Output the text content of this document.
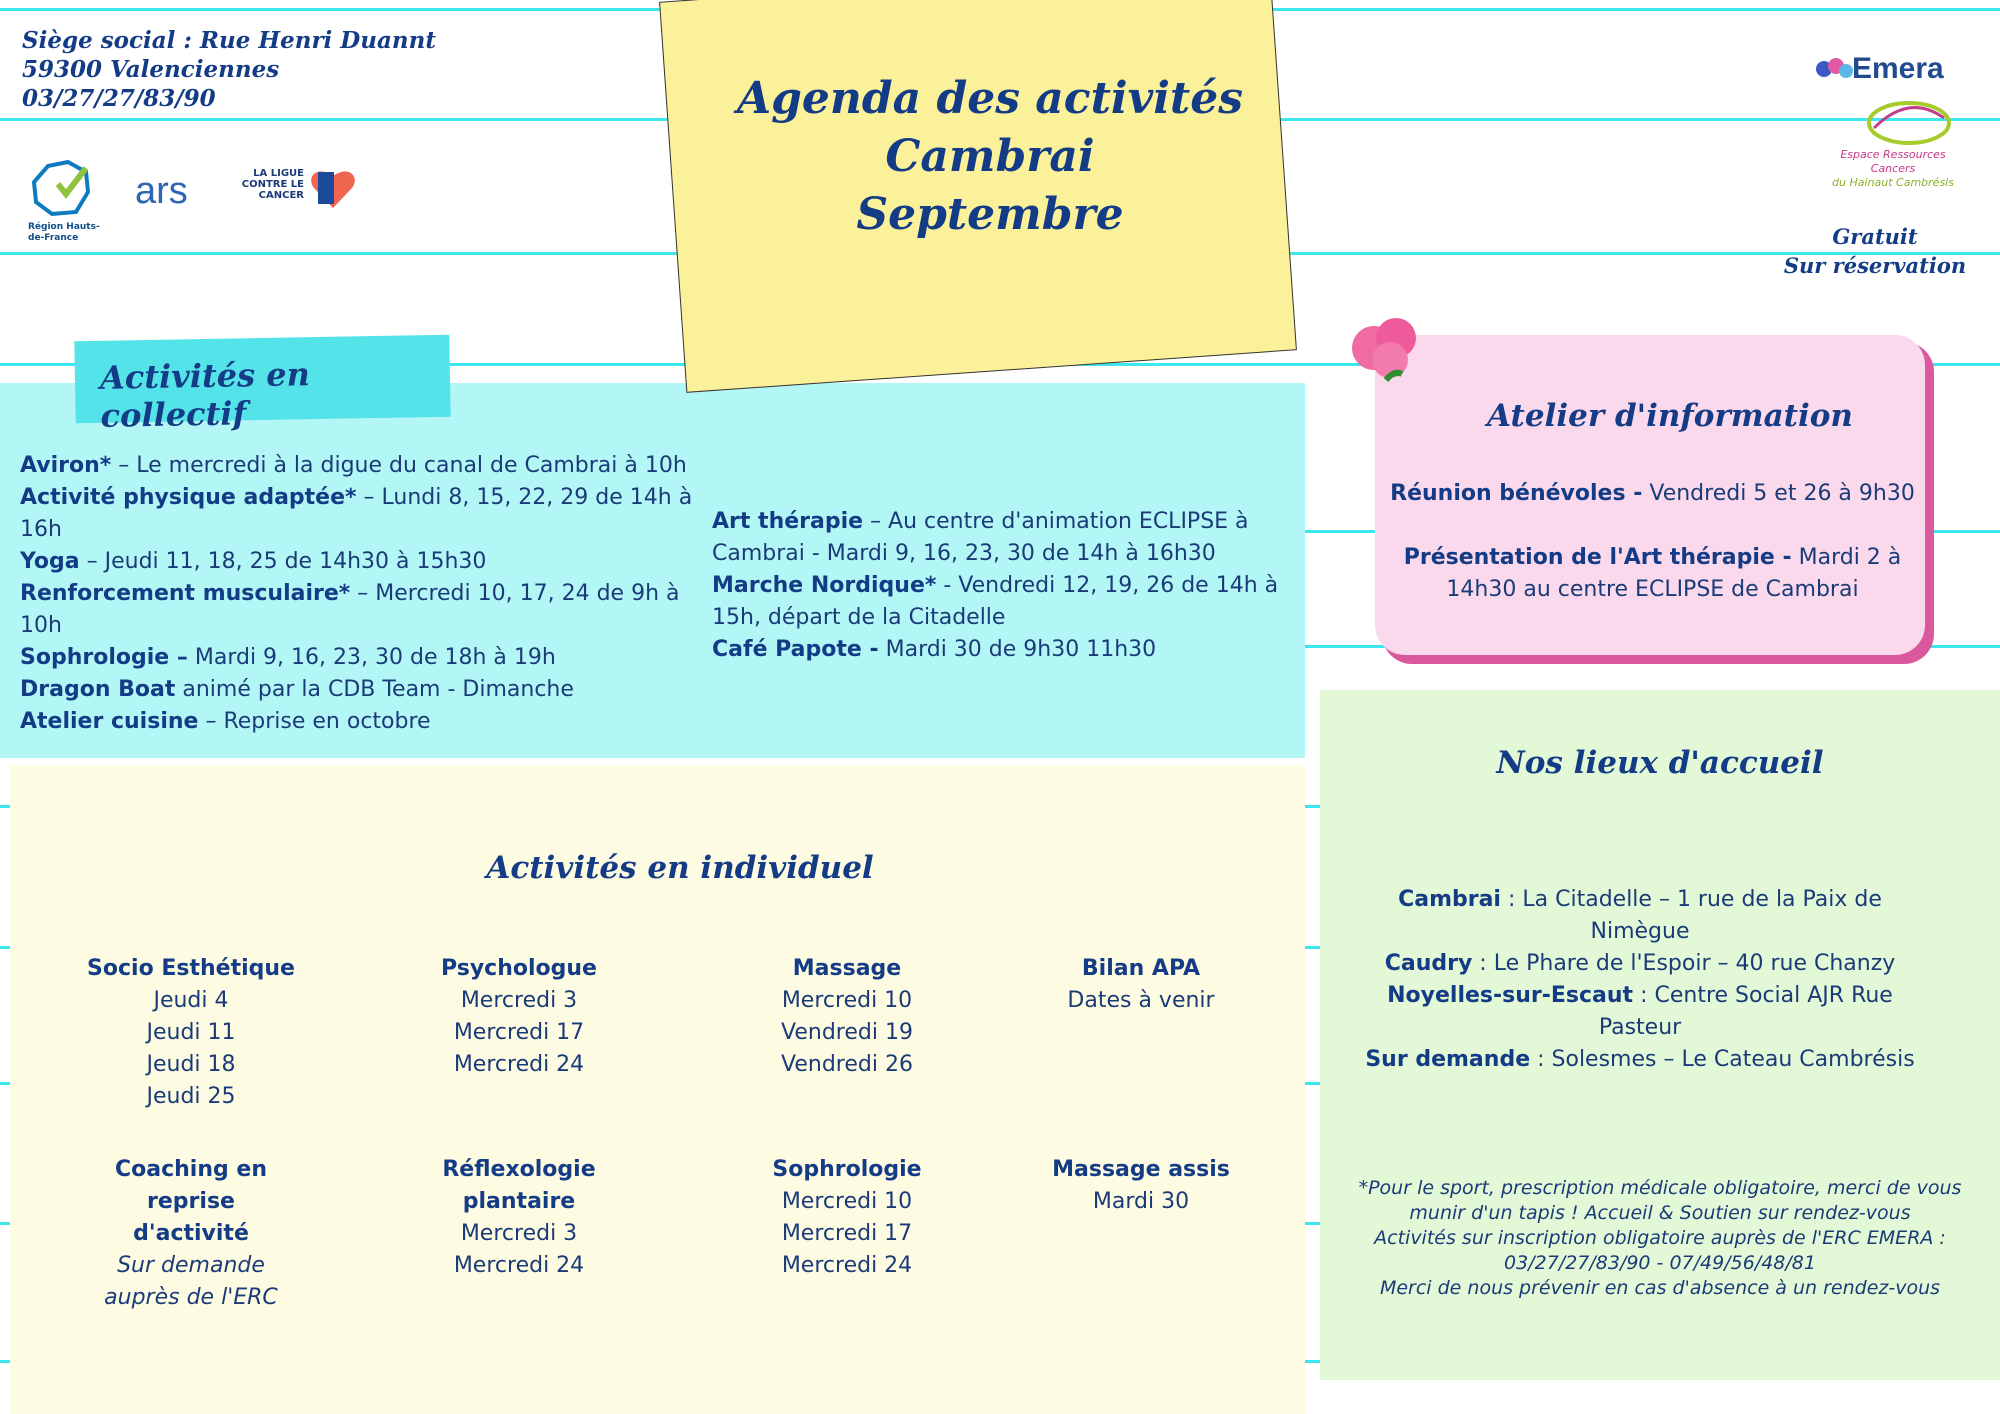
Siège social : Rue Henri Duannt
59300 Valenciennes
03/27/27/83/90
Région Hauts-de-France
ars	LA LIGUE CONTRE LE CANCER
Emera
Espace Ressources
Cancers
du Hainaut Cambrésis
Gratuit
Sur réservation
Activités en collectif
Aviron* – Le mercredi à la digue du canal de Cambrai à 10h
Activité physique adaptée* – Lundi 8, 15, 22, 29 de 14h à 16h
Yoga – Jeudi 11, 18, 25 de 14h30 à 15h30
Renforcement musculaire* – Mercredi 10, 17, 24 de 9h à 10h
Sophrologie – Mardi 9, 16, 23, 30 de 18h à 19h
Dragon Boat animé par la CDB Team - Dimanche
Atelier cuisine – Reprise en octobre
Art thérapie – Au centre d'animation ECLIPSE à Cambrai - Mardi 9, 16, 23, 30 de 14h à 16h30
Marche Nordique* - Vendredi 12, 19, 26 de 14h à 15h, départ de la Citadelle
Café Papote - Mardi 30 de 9h30 11h30
Agenda des activités
Cambrai
Septembre
Activités en individuel
Socio Esthétique
Jeudi 4
Jeudi 11
Jeudi 18
Jeudi 25
Psychologue
Mercredi 3
Mercredi 17
Mercredi 24
Massage
Mercredi 10
Vendredi 19
Vendredi 26
Bilan APA
Dates à venir
Coaching en reprise d'activité
Sur demande auprès de l'ERC
Réflexologie plantaire
Mercredi 3
Mercredi 24
Sophrologie
Mercredi 10
Mercredi 17
Mercredi 24
Massage assis
Mardi 30
Nos lieux d'accueil
Cambrai : La Citadelle – 1 rue de la Paix de Nimègue
Caudry : Le Phare de l'Espoir – 40 rue Chanzy
Noyelles-sur-Escaut : Centre Social AJR Rue Pasteur
Sur demande : Solesmes – Le Cateau Cambrésis
*Pour le sport, prescription médicale obligatoire, merci de vous
munir d'un tapis ! Accueil & Soutien sur rendez-vous
Activités sur inscription obligatoire auprès de l'ERC EMERA :
03/27/27/83/90 - 07/49/56/48/81
Merci de nous prévenir en cas d'absence à un rendez-vous
Atelier d'information
Réunion bénévoles - Vendredi 5 et 26 à 9h30
Présentation de l'Art thérapie - Mardi 2 à 14h30 au centre ECLIPSE de Cambrai
